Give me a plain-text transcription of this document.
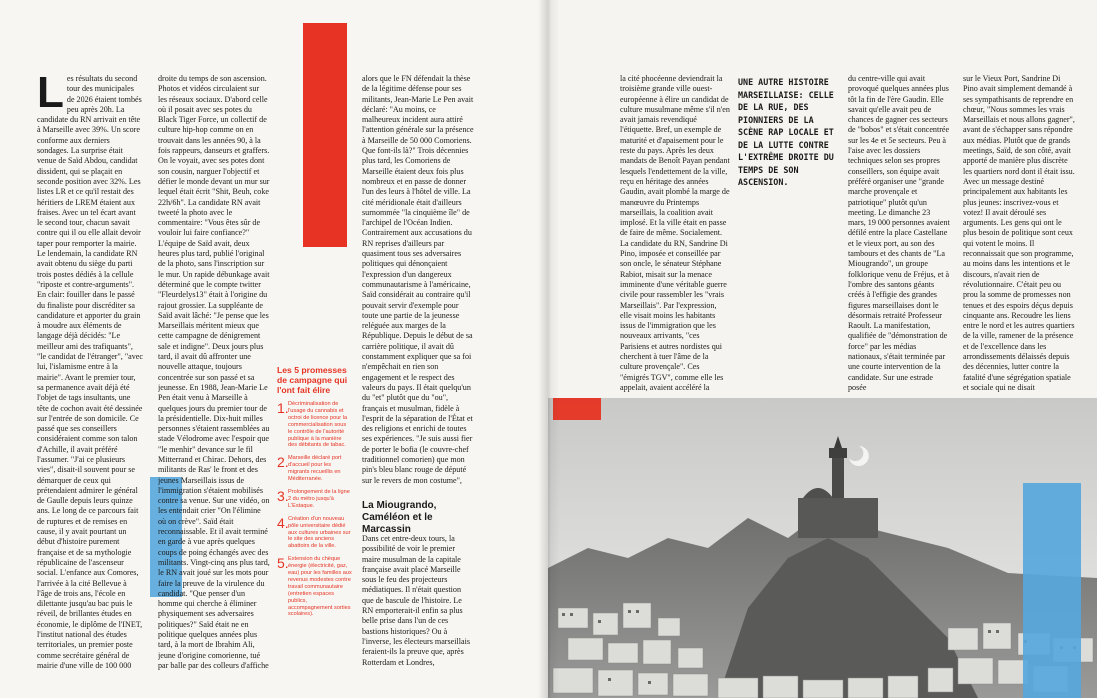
Les résultats du second tour des municipales de 2026 étaient tombés peu après 20h. La candidate du RN arrivait en tête à Marseille avec 39%. Un score conforme aux derniers sondages. La surprise était venue de Saïd Abdou, candidat dissident, qui se plaçait en seconde position avec 32%. Les listes LR et ce qu'il restait des héritiers de LREM étaient aux fraises. Avec un tel écart avant le second tour, chacun savait contre qui il ou elle allait devoir taper pour remporter la mairie. Le lendemain, la candidate RN avait obtenu du siège du parti trois postes dédiés à la cellule "riposte et contre-arguments". En clair: fouiller dans le passé du finaliste pour discréditer sa candidature et apporter du grain à moudre aux éléments de langage déjà décidés: "Le meilleur ami des trafiquants", "le candidat de l'étranger", "avec lui, l'islamisme entre à la mairie". Avant le premier tour, sa permanence avait déjà été l'objet de tags insultants, une tête de cochon avait été dessinée sur l'entrée de son domicile. Ce passé que ses conseillers considéraient comme son talon d'Achille, il avait préféré l'assumer. "J'ai ce plusieurs vies", disait-il souvent pour se démarquer de ceux qui prétendaient admirer le général de Gaulle depuis leurs quinze ans. Le long de ce parcours fait de ruptures et de remises en cause, il y avait pourtant un début d'histoire purement française et de sa mythologie républicaine de l'ascenseur social. L'enfance aux Comores, l'arrivée à la cité Bellevue à l'âge de trois ans, l'école en dilettante jusqu'au bac puis le réveil, de brillantes études en économie, le diplôme de l'INET, l'institut national des études territoriales, un premier poste comme secrétaire général de mairie d'une ville de 100 000
droite du temps de son ascension. Photos et vidéos circulaient sur les réseaux sociaux. D'abord celle où il posait avec ses potes du Black Tiger Force, un collectif de culture hip-hop comme on en trouvait dans les années 90, à la fois rappeurs, danseurs et graffers. On le voyait, avec ses potes dont son cousin, narguer l'objectif et défier le monde devant un mur sur lequel était écrit "Shit, Beuh, coke 22h/6h". La candidate RN avait tweeté la photo avec le commentaire: "Vous êtes sûr de vouloir lui faire confiance?" L'équipe de Saïd avait, deux heures plus tard, publié l'original de la photo, sans l'inscription sur le mur. Un rapide débunkage avait déterminé que le compte twitter "Fleurdelys13" était à l'origine du rajout grossier. La suppléante de Saïd avait lâché: "Je pense que les Marseillais méritent mieux que cette campagne de dénigrement sale et indigne". Deux jours plus tard, il avait dû affronter une nouvelle attaque, toujours concentrée sur son passé et sa jeunesse. En 1988, Jean-Marie Le Pen était venu à Marseille à quelques jours du premier tour de la présidentielle. Dix-huit milles personnes s'étaient rassemblées au stade Vélodrome avec l'espoir que "le menhir" devance sur le fil Mitterrand et Chirac. Dehors, des militants de Ras' le front et des jeunes Marseillais issus de l'immigration s'étaient mobilisés contre sa venue. Sur une vidéo, on les entendait crier "On l'élimine où on crève". Saïd était reconnaissable. Et il avait terminé en garde à vue après quelques coups de poing échangés avec des militants. Vingt-cinq ans plus tard, le RN avait joué sur les mots pour faire la preuve de la virulence du candidat. "Que penser d'un homme qui cherche à éliminer physiquement ses adversaires politiques?" Saïd était ne en politique quelques années plus tard, à la mort de Ibrahim Ali, jeune d'origine comorienne, tué par balle par des colleurs d'affiche
alors que le FN défendait la thèse de la légitime défense pour ses militants, Jean-Marie Le Pen avait déclaré: "Au moins, ce malheureux incident aura attiré l'attention générale sur la présence à Marseille de 50 000 Comoriens. Que font-ils là?" Trois décennies plus tard, les Comoriens de Marseille étaient deux fois plus nombreux et en passe de donner l'un des leurs à l'hôtel de ville. La cité méridionale était d'ailleurs surnommée "la cinquième île" de l'archipel de l'Océan Indien. Contrairement aux accusations du RN reprises d'ailleurs par quasiment tous ses adversaires politiques qui dénonçaient l'expression d'un dangereux communautarisme à l'américaine, Saïd considérait au contraire qu'il pouvait servir d'exemple pour toute une partie de la jeunesse reléguée aux marges de la République. Depuis le début de sa carrière politique, il avait dû constamment expliquer que sa foi n'empêchait en rien son engagement et le respect des valeurs du pays. Il était quelqu'un du "et" plutôt que du "ou", français et musulman, fidèle à l'esprit de la séparation de l'État et des religions et enrichi de toutes ses expériences. "Je suis aussi fier de porter le bofia (le couvre-chef traditionnel comorien) que mon pin's bleu blanc rouge de député sur le revers de mon costume",
La Miougrando, Caméléon et le Marcassin
Dans cet entre-deux tours, la possibilité de voir le premier maire musulman de la capitale française avait placé Marseille sous le feu des projecteurs médiatiques. Il n'était question que de bascule de l'histoire. Le RN emporterait-il enfin sa plus belle prise dans l'un de ces bastions historiques? Ou à l'inverse, les électeurs marseillais feraient-ils la preuve que, après Rotterdam et Londres,
Les 5 promesses de campagne qui l'ont fait élire
1. Décriminalisation de l'usage du cannabis et octroi de licence pour la commercialisation sous le contrôle de l'autorité publique à la manière des débitants de tabac.
2. Marseille déclaré port d'accueil pour les migrants recueillis en Méditerranée.
3. Prolongement de la ligne 2 du métro jusqu'à L'Estaque.
4. Création d'un nouveau pôle universitaire dédié aux cultures urbaines sur le site des anciens abattoirs de la ville.
5. Extension du chèque énergie (électricité, gaz, eau) pour les familles aux revenus modestes contre travail communautaire (entretien espaces publics, accompagnement sorties scolaires).
la cité phocéenne deviendrait la troisième grande ville ouest-européenne à élire un candidat de culture musulmane même s'il n'en avait jamais revendiqué l'étiquette. Bref, un exemple de maturité et d'apaisement pour le reste du pays. Après les deux mandats de Benoît Payan pendant lesquels l'endettement de la ville, reçu en héritage des années Gaudin, avait plombé la marge de manœuvre du Printemps marseillais, la coalition avait implosé. Et la ville était en passe de faire de même. Socialement. La candidate du RN, Sandrine Di Pino, imposée et conseillée par son oncle, le sénateur Stéphane Rabiot, misait sur la menace imminente d'une véritable guerre civile pour rassembler les "vrais Marseillais". Par l'expression, elle visait moins les habitants issus de l'immigration que les nouveaux arrivants, "ces Parisiens et autres nordistes qui cherchent à tuer l'âme de la culture provençale". Ces "émigrés TGV", comme elle les appelait, avaient accéléré la
UNE AUTRE HISTOIRE MARSEILLAISE: CELLE DE LA RUE, DES PIONNIERS DE LA SCÈNE RAP LOCALE ET DE LA LUTTE CONTRE L'EXTRÊME DROITE DU TEMPS DE SON ASCENSION.
du centre-ville qui avait provoqué quelques années plus tôt la fin de l'ère Gaudin. Elle savait qu'elle avait peu de chances de gagner ces secteurs de "bobos" et s'était concentrée sur les 4e et 5e secteurs. Peu à l'aise avec les dossiers techniques selon ses propres conseillers, son équipe avait préféré organiser une "grande marche provençale et patriotique" plutôt qu'un meeting. Le dimanche 23 mars, 19 000 personnes avaient défilé entre la place Castellane et le vieux port, au son des tambours et des chants de "La Miougrando", un groupe folklorique venu de Fréjus, et à l'ombre des santons géants créés à l'effigie des grandes figures marseillaises dont le désormais retraité Professeur Raoult. La manifestation, qualifiée de "démonstration de force" par les médias nationaux, s'était terminée par une courte intervention de la candidate. Sur une estrade posée
sur le Vieux Port, Sandrine Di Pino avait simplement demandé à ses sympathisants de reprendre en chœur, "Nous sommes les vrais Marseillais et nous allons gagner", avant de s'échapper sans répondre aux médias. Plutôt que de grands meetings, Saïd, de son côté, avait apporté de manière plus discrète les quartiers nord dont il était issu. Avec un message destiné principalement aux habitants les plus jeunes: inscrivez-vous et votez! Il avait déroulé ses arguments. Les gens qui ont le plus besoin de politique sont ceux qui votent le moins. Il reconnaissait que son programme, au moins dans les intentions et le discours, n'avait rien de révolutionnaire. C'était peu ou prou la somme de promesses non tenues et des espoirs déçus depuis cinquante ans. Recoudre les liens entre le nord et les autres quartiers de la ville, ramener de la présence et de l'excellence dans les arrondissements délaissés depuis des décennies, lutter contre la fatalité d'une ségrégation spatiale et sociale qui ne disait
